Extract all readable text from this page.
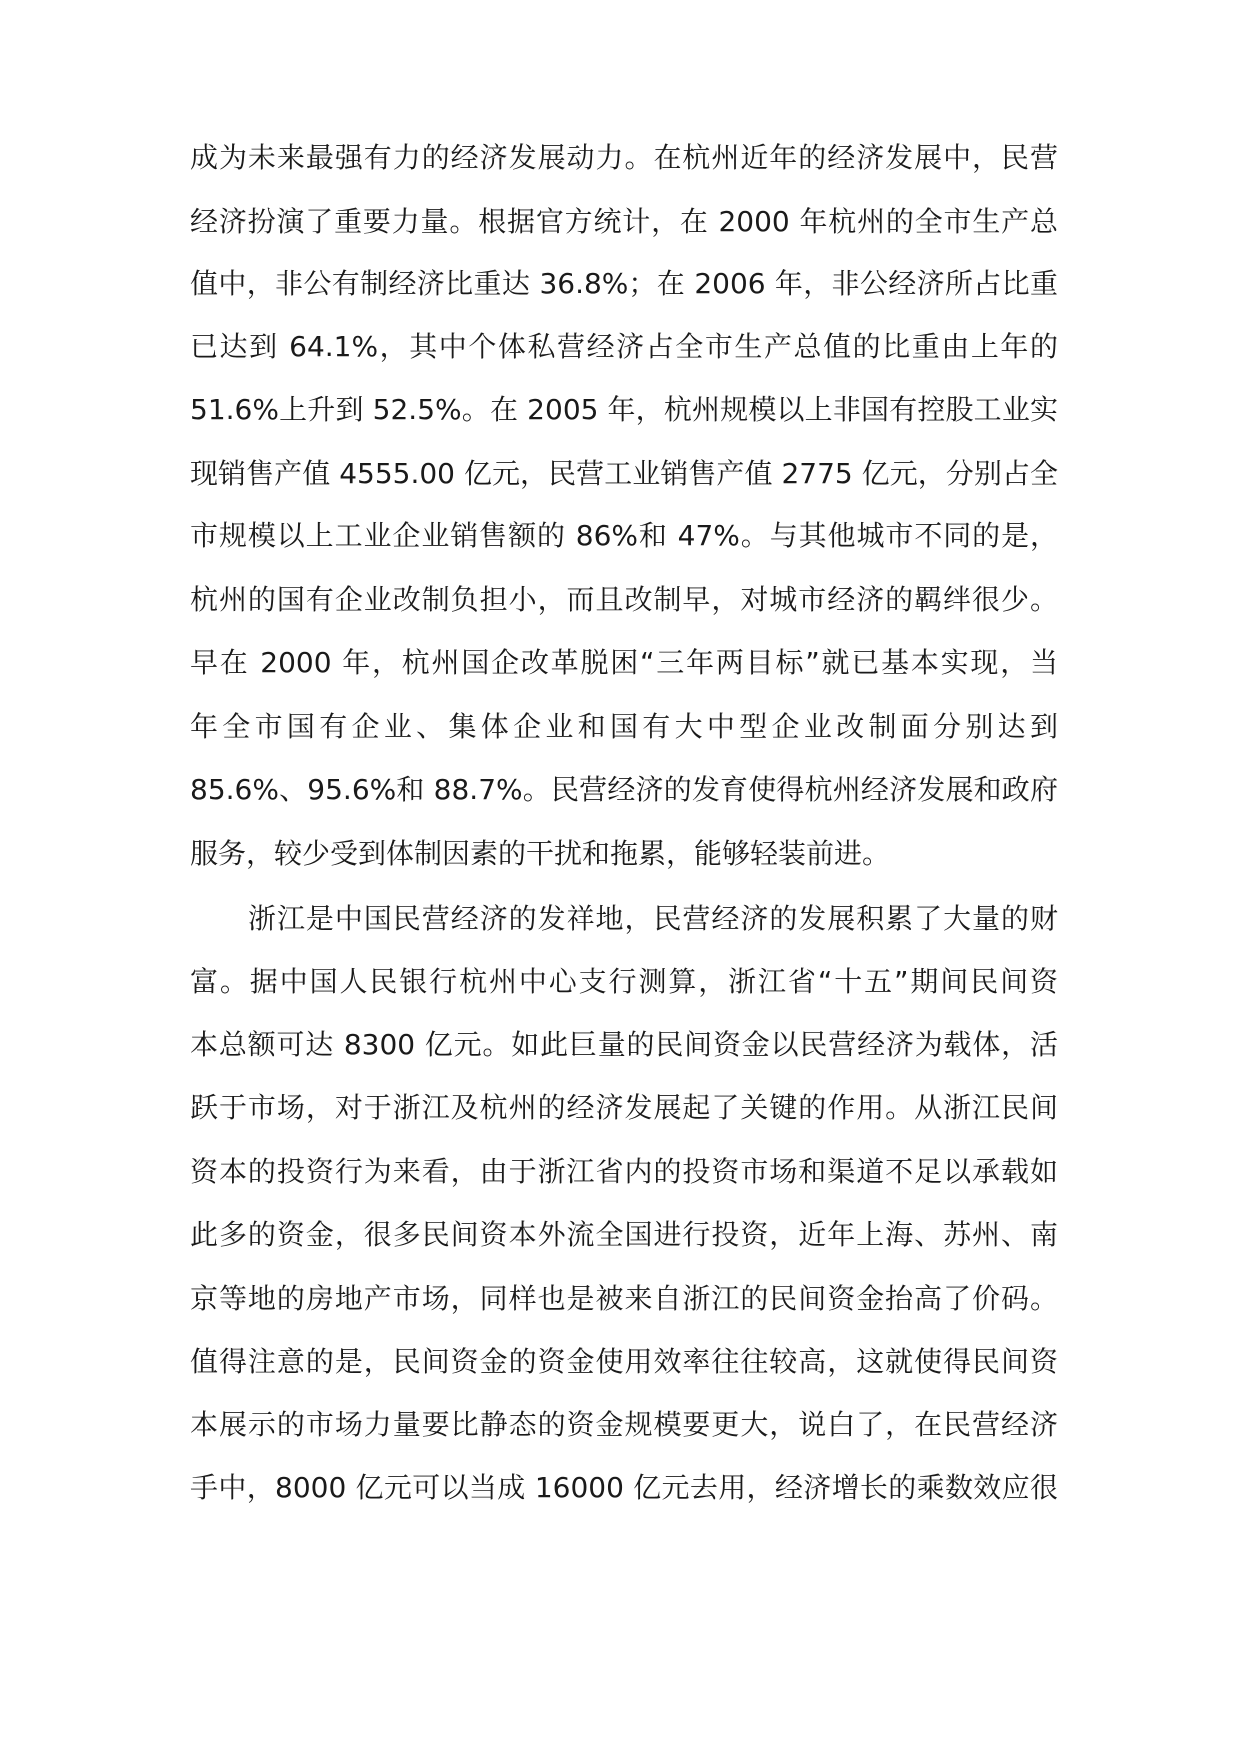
成为未来最强有力的经济发展动力。在杭州近年的经济发展中，民营
经济扮演了重要力量。根据官方统计，在 2000 年杭州的全市生产总
值中，非公有制经济比重达 36.8%；在 2006 年，非公经济所占比重
已达到 64.1%，其中个体私营经济占全市生产总值的比重由上年的
51.6%上升到 52.5%。在 2005 年，杭州规模以上非国有控股工业实
现销售产值 4555.00 亿元，民营工业销售产值 2775 亿元，分别占全
市规模以上工业企业销售额的 86%和 47%。与其他城市不同的是，
杭州的国有企业改制负担小，而且改制早，对城市经济的羁绊很少。
早在 2000 年，杭州国企改革脱困“三年两目标”就已基本实现，当
年全市国有企业、集体企业和国有大中型企业改制面分别达到
85.6%、95.6%和 88.7%。民营经济的发育使得杭州经济发展和政府
服务，较少受到体制因素的干扰和拖累，能够轻装前进。
浙江是中国民营经济的发祥地，民营经济的发展积累了大量的财
富。据中国人民银行杭州中心支行测算，浙江省“十五”期间民间资
本总额可达 8300 亿元。如此巨量的民间资金以民营经济为载体，活
跃于市场，对于浙江及杭州的经济发展起了关键的作用。从浙江民间
资本的投资行为来看，由于浙江省内的投资市场和渠道不足以承载如
此多的资金，很多民间资本外流全国进行投资，近年上海、苏州、南
京等地的房地产市场，同样也是被来自浙江的民间资金抬高了价码。
值得注意的是，民间资金的资金使用效率往往较高，这就使得民间资
本展示的市场力量要比静态的资金规模要更大，说白了，在民营经济
手中，8000 亿元可以当成 16000 亿元去用，经济增长的乘数效应很
